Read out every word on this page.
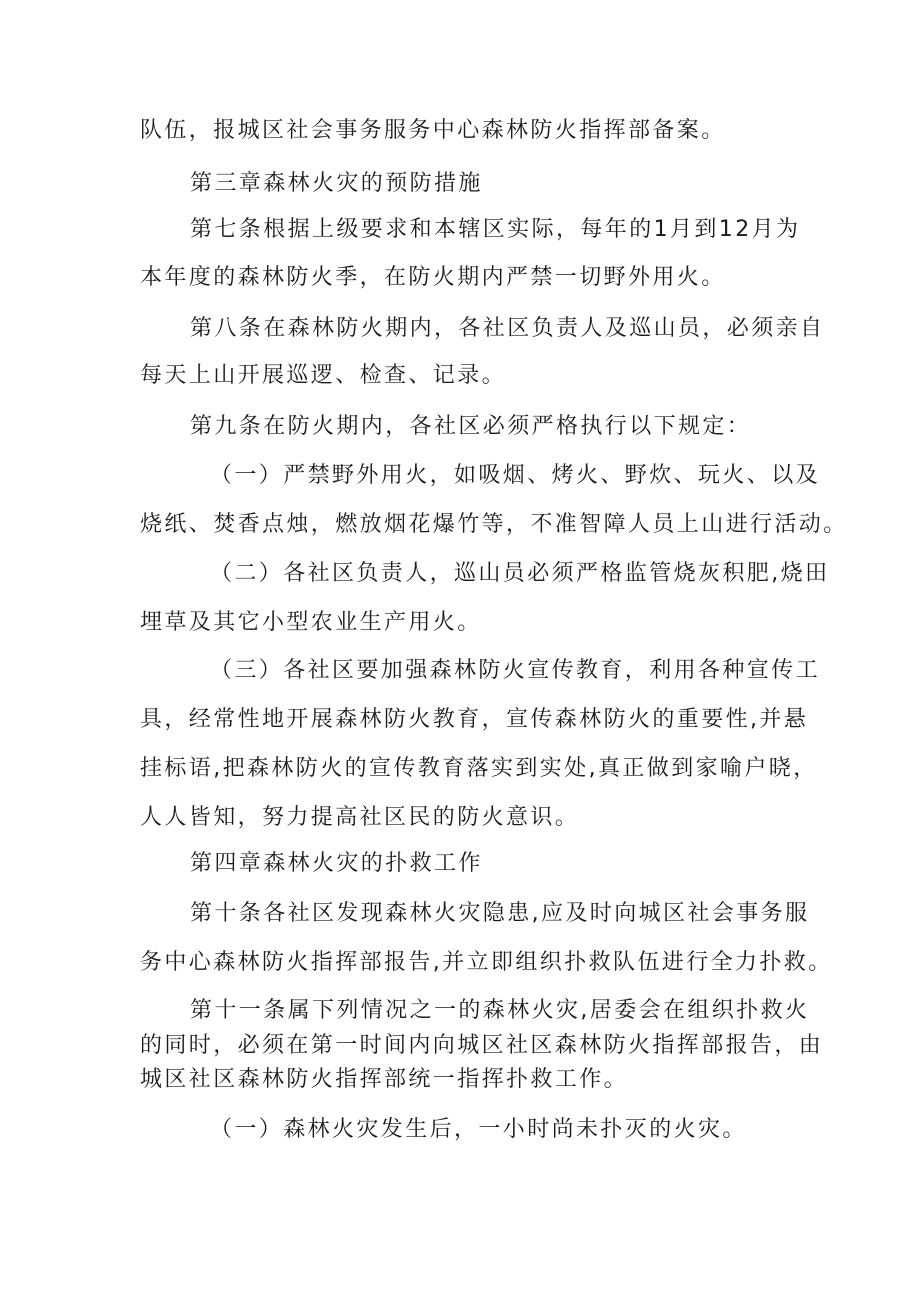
队伍，报城区社会事务服务中心森林防火指挥部备案。
第三章森林火灾的预防措施
第七条根据上级要求和本辖区实际，每年的1月到12月为
本年度的森林防火季，在防火期内严禁一切野外用火。
第八条在森林防火期内，各社区负责人及巡山员，必须亲自
每天上山开展巡逻、检查、记录。
第九条在防火期内，各社区必须严格执行以下规定：
（一）严禁野外用火，如吸烟、烤火、野炊、玩火、以及
烧纸、焚香点烛，燃放烟花爆竹等，不准智障人员上山进行活动。
（二）各社区负责人，巡山员必须严格监管烧灰积肥,烧田
埋草及其它小型农业生产用火。
（三）各社区要加强森林防火宣传教育，利用各种宣传工
具，经常性地开展森林防火教育，宣传森林防火的重要性,并悬
挂标语,把森林防火的宣传教育落实到实处,真正做到家喻户晓，
人人皆知，努力提高社区民的防火意识。
第四章森林火灾的扑救工作
第十条各社区发现森林火灾隐患,应及时向城区社会事务服
务中心森林防火指挥部报告,并立即组织扑救队伍进行全力扑救。
第十一条属下列情况之一的森林火灾,居委会在组织扑救火
的同时，必须在第一时间内向城区社区森林防火指挥部报告，由
城区社区森林防火指挥部统一指挥扑救工作。
（一）森林火灾发生后，一小时尚未扑灭的火灾。
